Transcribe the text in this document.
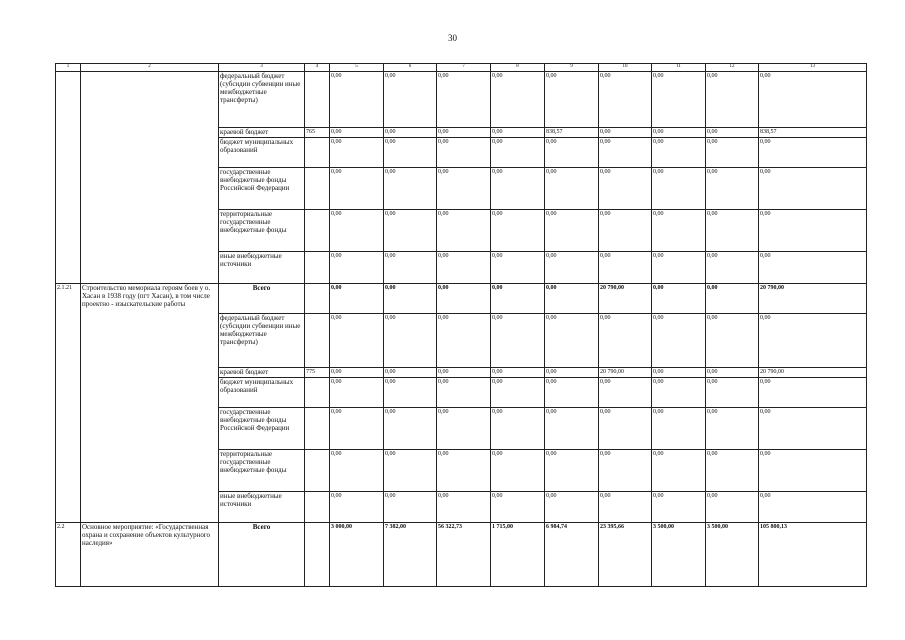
30
1	2	3	4	5	6	7	8	9	10	11	12	13
		федеральный бюджет (субсидии субвенции иные межбюджетные трансферты)		0,00	0,00	0,00	0,00	0,00	0,00	0,00	0,00	0,00
		краевой бюджет	765	0,00	0,00	0,00	0,00	838,57	0,00	0,00	0,00	838,57
		бюджет муниципальных образований		0,00	0,00	0,00	0,00	0,00	0,00	0,00	0,00	0,00
		государственные внебюджетные фонды Российской Федерации		0,00	0,00	0,00	0,00	0,00	0,00	0,00	0,00	0,00
		территориальные государственные внебюджетные фонды		0,00	0,00	0,00	0,00	0,00	0,00	0,00	0,00	0,00
		иные внебюджетные источники		0,00	0,00	0,00	0,00	0,00	0,00	0,00	0,00	0,00
2.1.21	Строительство мемориала героям боев у о. Хасан в 1938 году (пгт Хасан), в том числе проектно - изыскательские работы	Всего		0,00	0,00	0,00	0,00	0,00	20 790,00	0,00	0,00	20 790,00
		федеральный бюджет (субсидии субвенции иные межбюджетные трансферты)		0,00	0,00	0,00	0,00	0,00	0,00	0,00	0,00	0,00
		краевой бюджет	775	0,00	0,00	0,00	0,00	0,00	20 790,00	0,00	0,00	20 790,00
		бюджет муниципальных образований		0,00	0,00	0,00	0,00	0,00	0,00	0,00	0,00	0,00
		государственные внебюджетные фонды Российской Федерации		0,00	0,00	0,00	0,00	0,00	0,00	0,00	0,00	0,00
		территориальные государственные внебюджетные фонды		0,00	0,00	0,00	0,00	0,00	0,00	0,00	0,00	0,00
		иные внебюджетные источники		0,00	0,00	0,00	0,00	0,00	0,00	0,00	0,00	0,00
2.2	Основное мероприятие: «Государственная охрана и сохранение объектов культурного наследия»	Всего		3 000,00	7 382,00	56 322,73	1 715,00	6 984,74	23 395,66	3 500,00	3 500,00	105 800,13
